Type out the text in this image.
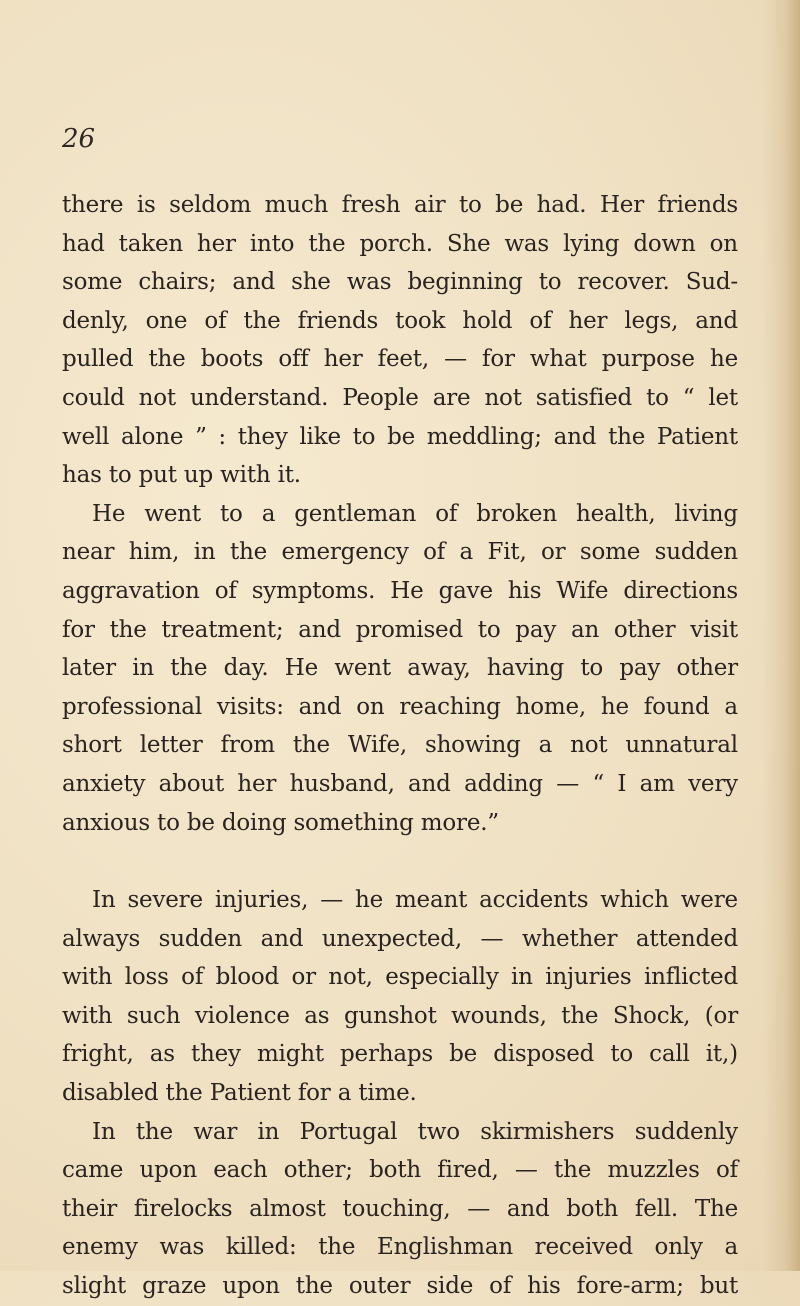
26
there is seldom much fresh air to be had. Her friends
had taken her into the porch. She was lying down on
some chairs; and she was beginning to recover. Sud-
denly, one of the friends took hold of her legs, and
pulled the boots off her feet, — for what purpose he
could not understand. People are not satisfied to “ let
well alone ” : they like to be meddling; and the Patient
has to put up with it.
He went to a gentleman of broken health, living
near him, in the emergency of a Fit, or some sudden
aggravation of symptoms. He gave his Wife directions
for the treatment; and promised to pay an other visit
later in the day. He went away, having to pay other
professional visits: and on reaching home, he found a
short letter from the Wife, showing a not unnatural
anxiety about her husband, and adding — “ I am very
anxious to be doing something more.”
In severe injuries, — he meant accidents which were
always sudden and unexpected, — whether attended
with loss of blood or not, especially in injuries inflicted
with such violence as gunshot wounds, the Shock, (or
fright, as they might perhaps be disposed to call it,)
disabled the Patient for a time.
In the war in Portugal two skirmishers suddenly
came upon each other; both fired, — the muzzles of
their firelocks almost touching, — and both fell. The
enemy was killed: the Englishman received only a
slight graze upon the outer side of his fore-arm; but
